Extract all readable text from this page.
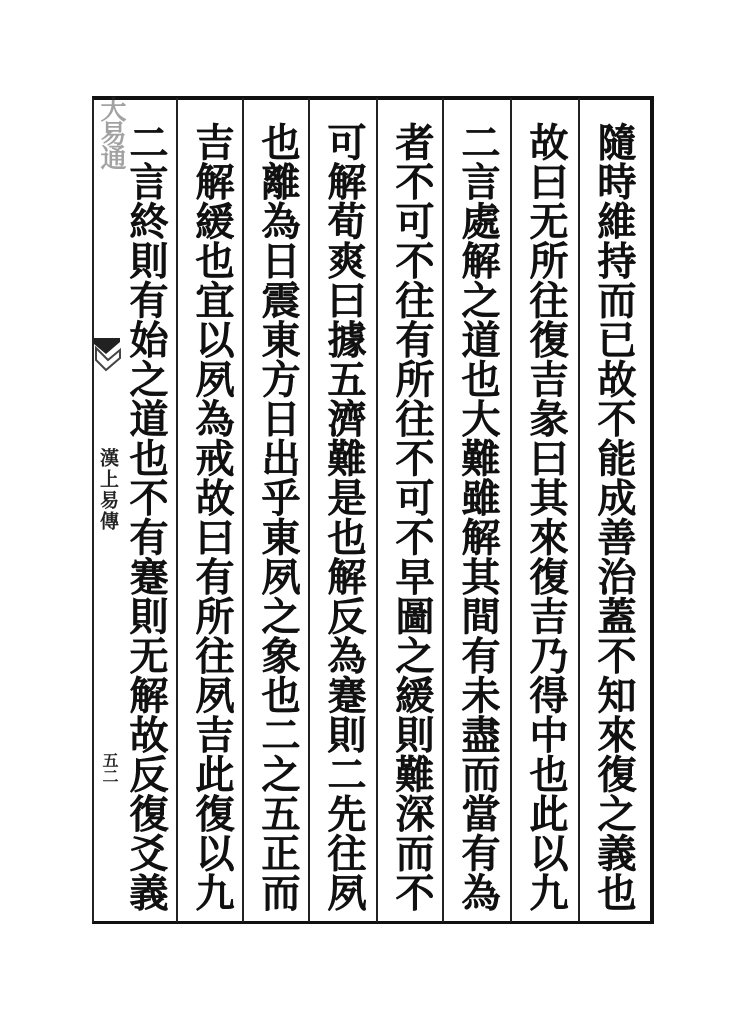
大易通
漢上易傳
五二	隨時維持而已故不能成善治蓋不知來復之義也
故曰无所往復吉彖曰其來復吉乃得中也此以九
二言處解之道也大難雖解其間有未盡而當有為
者不可不往有所往不可不早圖之緩則難深而不
可解荀爽曰據五濟難是也解反為蹇則二先往夙
也離為日震東方日出乎東夙之象也二之五正而
吉解緩也宜以夙為戒故曰有所往夙吉此復以九
二言終則有始之道也不有蹇則无解故反復爻義
